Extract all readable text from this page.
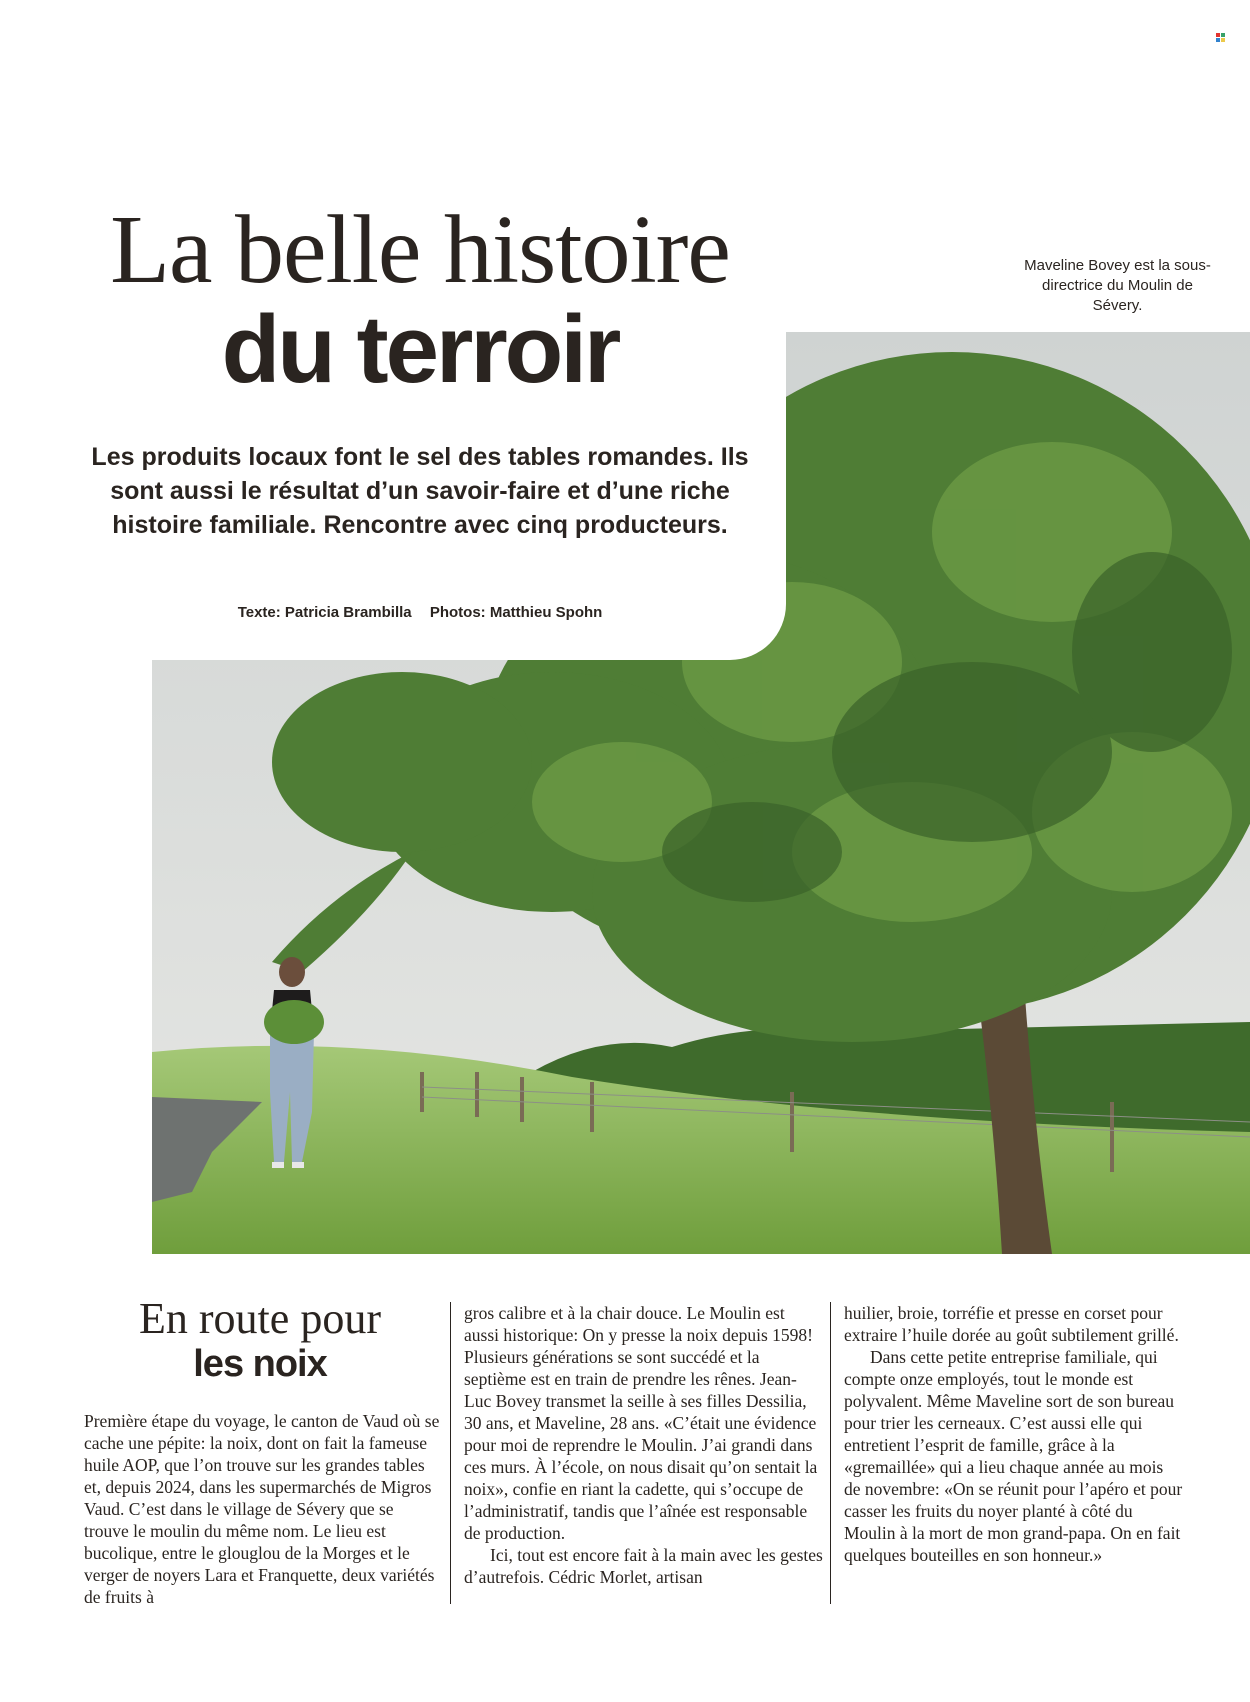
La belle histoire
du terroir
Les produits locaux font le sel des tables romandes. Ils sont aussi le résultat d’un savoir-faire et d’une riche histoire familiale. Rencontre avec cinq producteurs.
Texte: Patricia Brambilla Photos: Matthieu Spohn
Maveline Bovey est la sous-directrice du Moulin de Sévery.
En route pour
les noix

Première étape du voyage, le canton de Vaud où se cache une pépite: la noix, dont on fait la fameuse huile AOP, que l’on trouve sur les grandes tables et, depuis 2024, dans les supermarchés de Migros Vaud. C’est dans le village de Sévery que se trouve le moulin du même nom. Le lieu est bucolique, entre le glouglou de la Morges et le verger de noyers Lara et Franquette, deux variétés de fruits à

gros calibre et à la chair douce. Le Moulin est aussi historique: On y presse la noix depuis 1598! Plusieurs générations se sont succédé et la septième est en train de prendre les rênes. Jean-Luc Bovey transmet la seille à ses filles Dessilia, 30 ans, et Maveline, 28 ans. «C’était une évidence pour moi de reprendre le Moulin. J’ai grandi dans ces murs. À l’école, on nous disait qu’on sentait la noix», confie en riant la cadette, qui s’occupe de l’administratif, tandis que l’aînée est responsable de production.

Ici, tout est encore fait à la main avec les gestes d’autrefois. Cédric Morlet, artisan

huilier, broie, torréfie et presse en corset pour extraire l’huile dorée au goût subtilement grillé.

Dans cette petite entreprise familiale, qui compte onze employés, tout le monde est polyvalent. Même Maveline sort de son bureau pour trier les cerneaux. C’est aussi elle qui entretient l’esprit de famille, grâce à la «gremaillée» qui a lieu chaque année au mois de novembre: «On se réunit pour l’apéro et pour casser les fruits du noyer planté à côté du Moulin à la mort de mon grand-papa. On en fait quelques bouteilles en son honneur.»
